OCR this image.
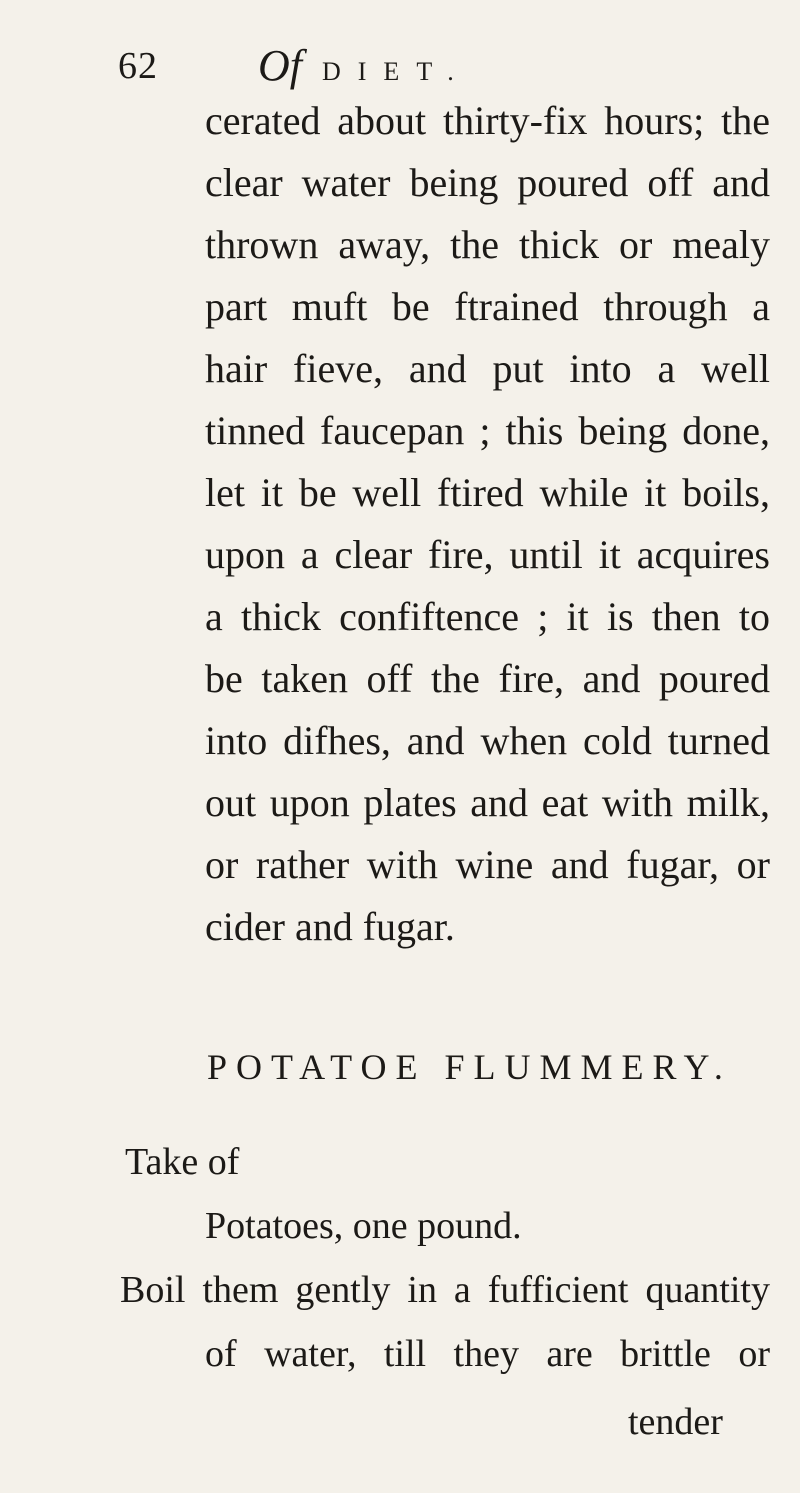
62 Of DIET.
cerated about thirty-fix hours; the
clear water being poured off and
thrown away, the thick or mealy
part muft be ftrained through a
hair fieve, and put into a well
tinned faucepan ; this being done,
let it be well ftired while it boils,
upon a clear fire, until it acquires
a thick confiftence ; it is then to
be taken off the fire, and poured
into difhes, and when cold turned
out upon plates and eat with milk,
or rather with wine and fugar, or
cider and fugar.
POTATOE FLUMMERY.
Take of
Potatoes, one pound.
Boil them gently in a fufficient quantity
of water, till they are brittle or
tender
